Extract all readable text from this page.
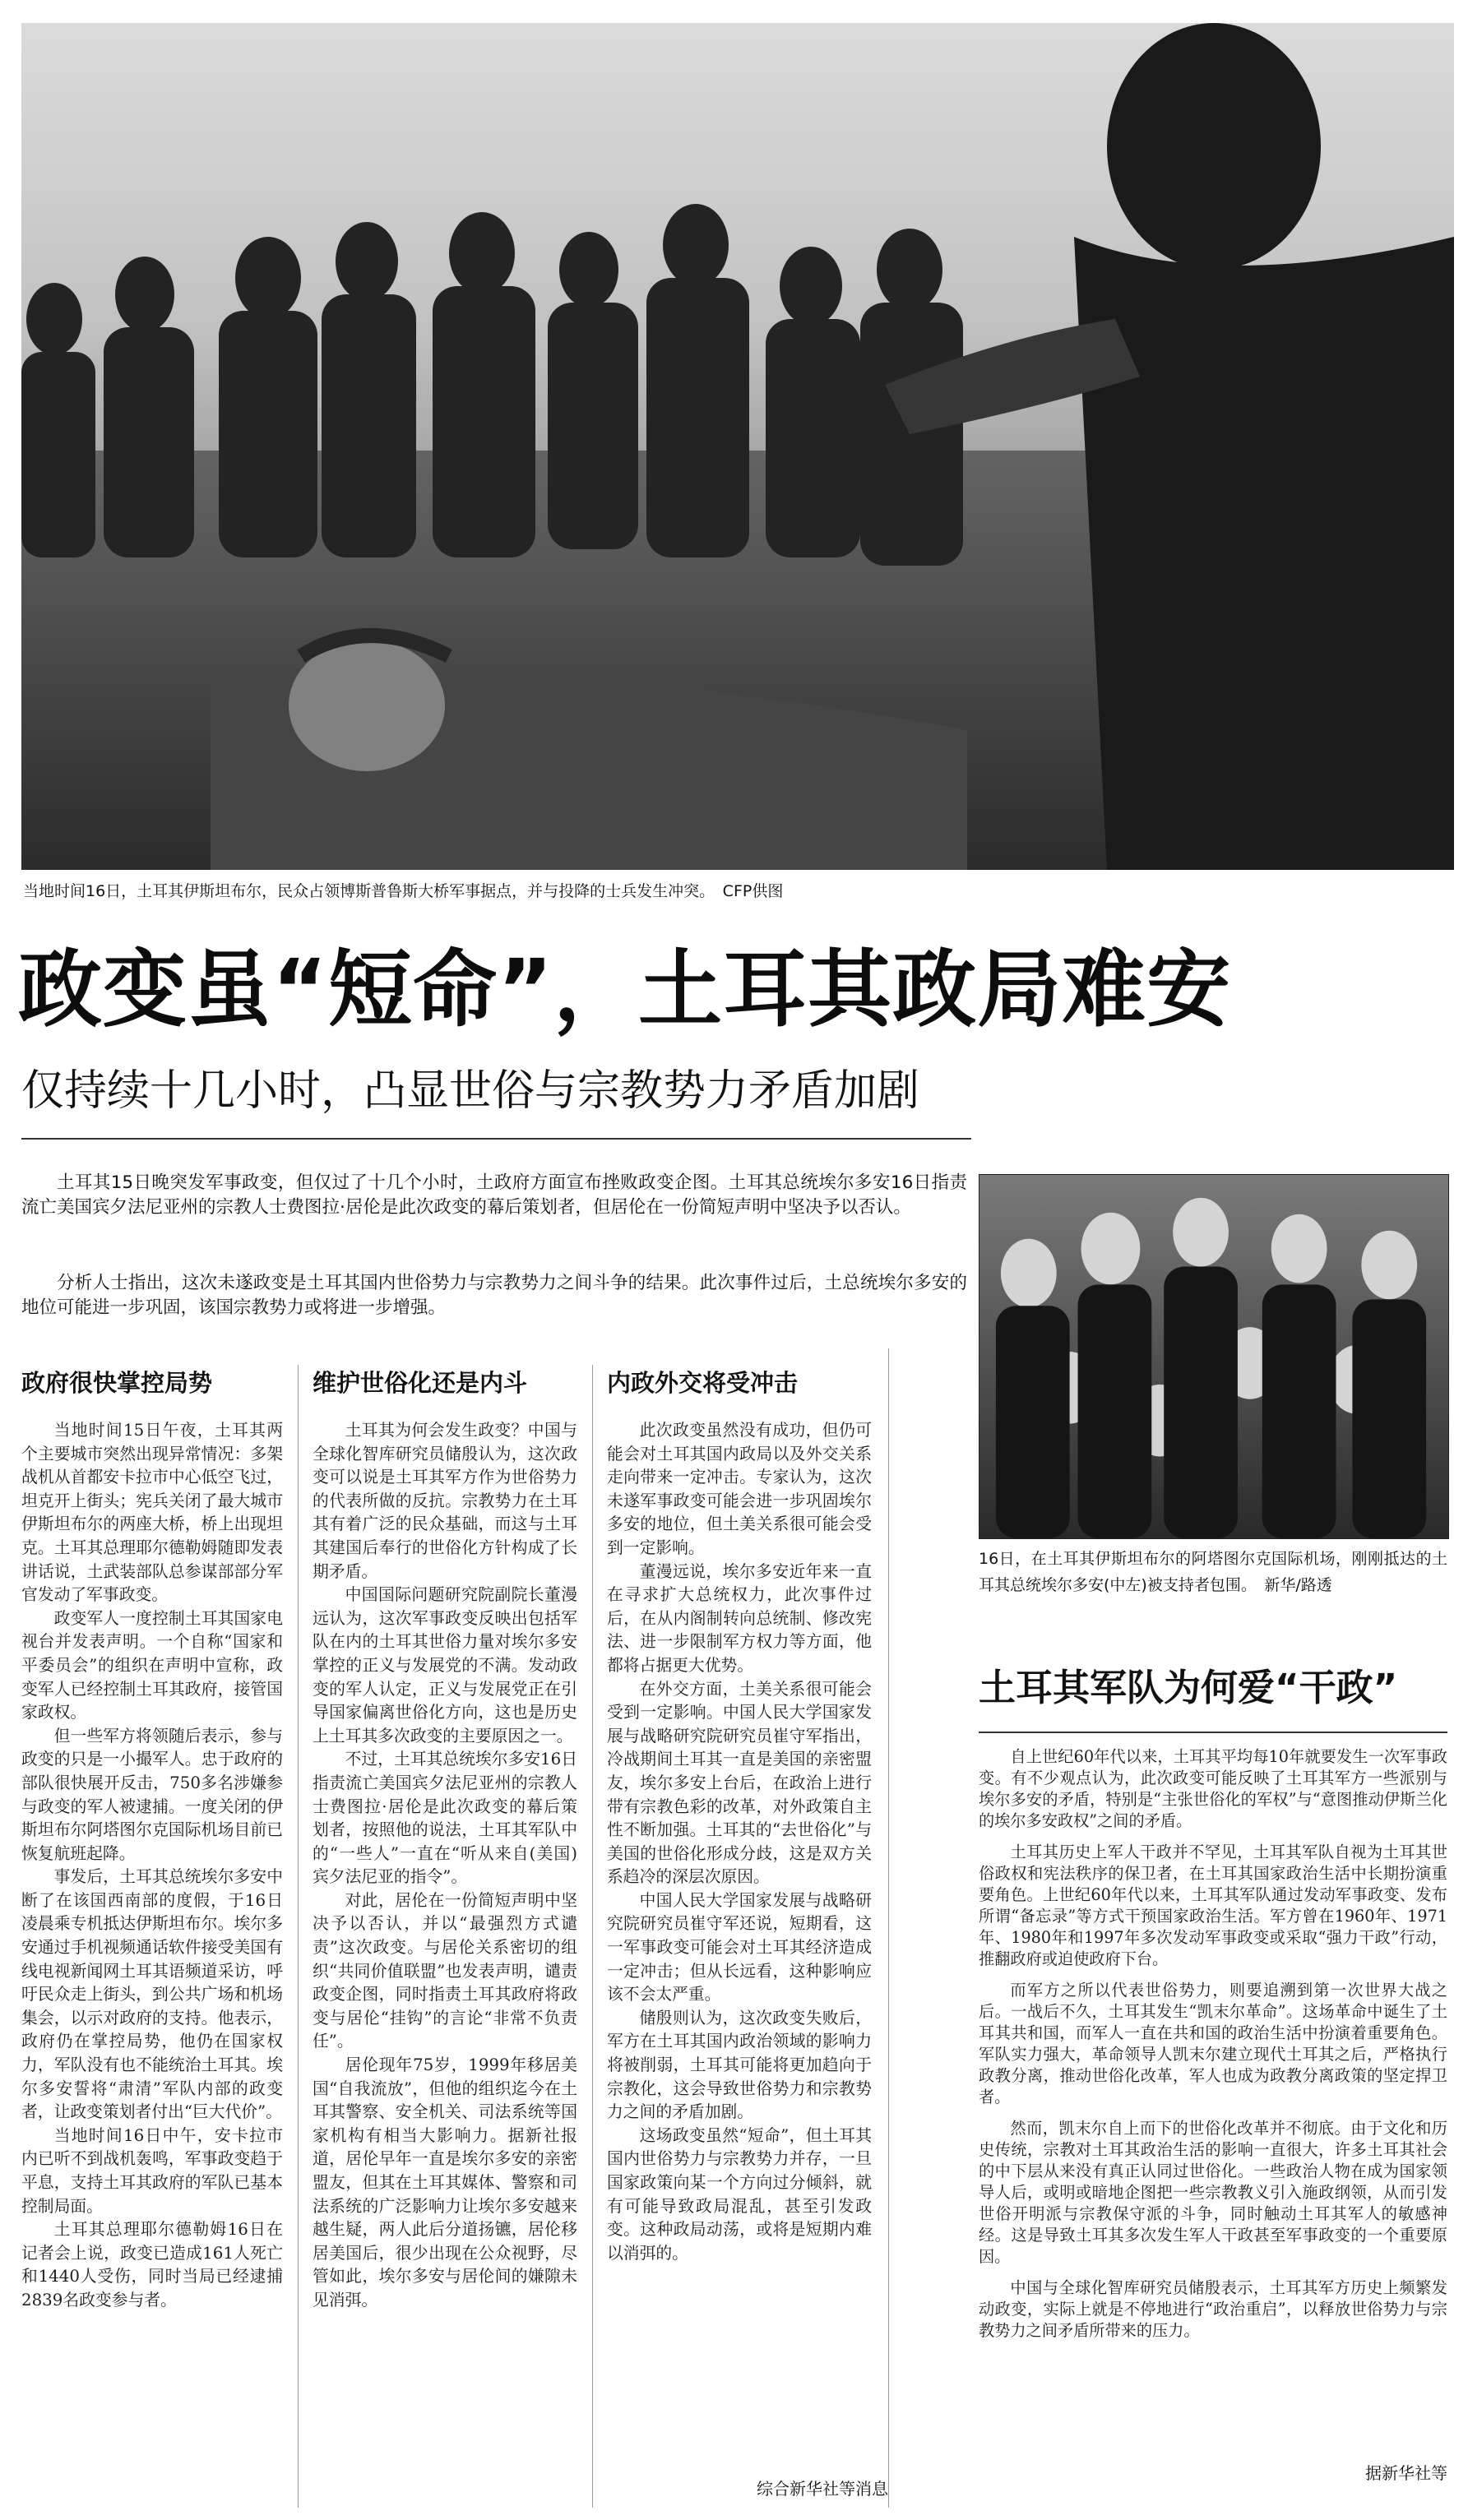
当地时间16日，土耳其伊斯坦布尔，民众占领博斯普鲁斯大桥军事据点，并与投降的士兵发生冲突。　CFP供图
政变虽“短命”，土耳其政局难安
仅持续十几小时，凸显世俗与宗教势力矛盾加剧
土耳其15日晚突发军事政变，但仅过了十几个小时，土政府方面宣布挫败政变企图。土耳其总统埃尔多安16日指责流亡美国宾夕法尼亚州的宗教人士费图拉·居伦是此次政变的幕后策划者，但居伦在一份简短声明中坚决予以否认。
分析人士指出，这次未遂政变是土耳其国内世俗势力与宗教势力之间斗争的结果。此次事件过后，土总统埃尔多安的地位可能进一步巩固，该国宗教势力或将进一步增强。
政府很快掌控局势	维护世俗化还是内斗	内政外交将受冲击

当地时间15日午夜，土耳其两个主要城市突然出现异常情况：多架战机从首都安卡拉市中心低空飞过，坦克开上街头；宪兵关闭了最大城市伊斯坦布尔的两座大桥，桥上出现坦克。土耳其总理耶尔德勒姆随即发表讲话说，土武装部队总参谋部部分军官发动了军事政变。

政变军人一度控制土耳其国家电视台并发表声明。一个自称“国家和平委员会”的组织在声明中宣称，政变军人已经控制土耳其政府，接管国家政权。

但一些军方将领随后表示，参与政变的只是一小撮军人。忠于政府的部队很快展开反击，750多名涉嫌参与政变的军人被逮捕。一度关闭的伊斯坦布尔阿塔图尔克国际机场目前已恢复航班起降。

事发后，土耳其总统埃尔多安中断了在该国西南部的度假，于16日凌晨乘专机抵达伊斯坦布尔。埃尔多安通过手机视频通话软件接受美国有线电视新闻网土耳其语频道采访，呼吁民众走上街头，到公共广场和机场集会，以示对政府的支持。他表示，政府仍在掌控局势，他仍在国家权力，军队没有也不能统治土耳其。埃尔多安誓将“肃清”军队内部的政变者，让政变策划者付出“巨大代价”。

当地时间16日中午，安卡拉市内已听不到战机轰鸣，军事政变趋于平息，支持土耳其政府的军队已基本控制局面。

土耳其总理耶尔德勒姆16日在记者会上说，政变已造成161人死亡和1440人受伤，同时当局已经逮捕2839名政变参与者。

土耳其为何会发生政变？中国与全球化智库研究员储殷认为，这次政变可以说是土耳其军方作为世俗势力的代表所做的反抗。宗教势力在土耳其有着广泛的民众基础，而这与土耳其建国后奉行的世俗化方针构成了长期矛盾。

中国国际问题研究院副院长董漫远认为，这次军事政变反映出包括军队在内的土耳其世俗力量对埃尔多安掌控的正义与发展党的不满。发动政变的军人认定，正义与发展党正在引导国家偏离世俗化方向，这也是历史上土耳其多次政变的主要原因之一。

不过，土耳其总统埃尔多安16日指责流亡美国宾夕法尼亚州的宗教人士费图拉·居伦是此次政变的幕后策划者，按照他的说法，土耳其军队中的“一些人”一直在“听从来自(美国)宾夕法尼亚的指令”。

对此，居伦在一份简短声明中坚决予以否认，并以“最强烈方式谴责”这次政变。与居伦关系密切的组织“共同价值联盟”也发表声明，谴责政变企图，同时指责土耳其政府将政变与居伦“挂钩”的言论“非常不负责任”。

居伦现年75岁，1999年移居美国“自我流放”，但他的组织迄今在土耳其警察、安全机关、司法系统等国家机构有相当大影响力。据新社报道，居伦早年一直是埃尔多安的亲密盟友，但其在土耳其媒体、警察和司法系统的广泛影响力让埃尔多安越来越生疑，两人此后分道扬镳，居伦移居美国后，很少出现在公众视野，尽管如此，埃尔多安与居伦间的嫌隙未见消弭。

此次政变虽然没有成功，但仍可能会对土耳其国内政局以及外交关系走向带来一定冲击。专家认为，这次未遂军事政变可能会进一步巩固埃尔多安的地位，但土美关系很可能会受到一定影响。

董漫远说，埃尔多安近年来一直在寻求扩大总统权力，此次事件过后，在从内阁制转向总统制、修改宪法、进一步限制军方权力等方面，他都将占据更大优势。

在外交方面，土美关系很可能会受到一定影响。中国人民大学国家发展与战略研究院研究员崔守军指出，冷战期间土耳其一直是美国的亲密盟友，埃尔多安上台后，在政治上进行带有宗教色彩的改革，对外政策自主性不断加强。土耳其的“去世俗化”与美国的世俗化形成分歧，这是双方关系趋冷的深层次原因。

中国人民大学国家发展与战略研究院研究员崔守军还说，短期看，这一军事政变可能会对土耳其经济造成一定冲击；但从长远看，这种影响应该不会太严重。

储殷则认为，这次政变失败后，军方在土耳其国内政治领域的影响力将被削弱，土耳其可能将更加趋向于宗教化，这会导致世俗势力和宗教势力之间的矛盾加剧。

这场政变虽然“短命”，但土耳其国内世俗势力与宗教势力并存，一旦国家政策向某一个方向过分倾斜，就有可能导致政局混乱，甚至引发政变。这种政局动荡，或将是短期内难以消弭的。

综合新华社等消息
16日，在土耳其伊斯坦布尔的阿塔图尔克国际机场，刚刚抵达的土耳其总统埃尔多安(中左)被支持者包围。　新华/路透
土耳其军队为何爱“干政”

自上世纪60年代以来，土耳其平均每10年就要发生一次军事政变。有不少观点认为，此次政变可能反映了土耳其军方一些派别与埃尔多安的矛盾，特别是“主张世俗化的军权”与“意图推动伊斯兰化的埃尔多安政权”之间的矛盾。

土耳其历史上军人干政并不罕见，土耳其军队自视为土耳其世俗政权和宪法秩序的保卫者，在土耳其国家政治生活中长期扮演重要角色。上世纪60年代以来，土耳其军队通过发动军事政变、发布所谓“备忘录”等方式干预国家政治生活。军方曾在1960年、1971年、1980年和1997年多次发动军事政变或采取“强力干政”行动，推翻政府或迫使政府下台。

而军方之所以代表世俗势力，则要追溯到第一次世界大战之后。一战后不久，土耳其发生“凯末尔革命”。这场革命中诞生了土耳其共和国，而军人一直在共和国的政治生活中扮演着重要角色。军队实力强大，革命领导人凯末尔建立现代土耳其之后，严格执行政教分离，推动世俗化改革，军人也成为政教分离政策的坚定捍卫者。

然而，凯末尔自上而下的世俗化改革并不彻底。由于文化和历史传统，宗教对土耳其政治生活的影响一直很大，许多土耳其社会的中下层从来没有真正认同过世俗化。一些政治人物在成为国家领导人后，或明或暗地企图把一些宗教教义引入施政纲领，从而引发世俗开明派与宗教保守派的斗争，同时触动土耳其军人的敏感神经。这是导致土耳其多次发生军人干政甚至军事政变的一个重要原因。

中国与全球化智库研究员储殷表示，土耳其军方历史上频繁发动政变，实际上就是不停地进行“政治重启”，以释放世俗势力与宗教势力之间矛盾所带来的压力。

据新华社等
